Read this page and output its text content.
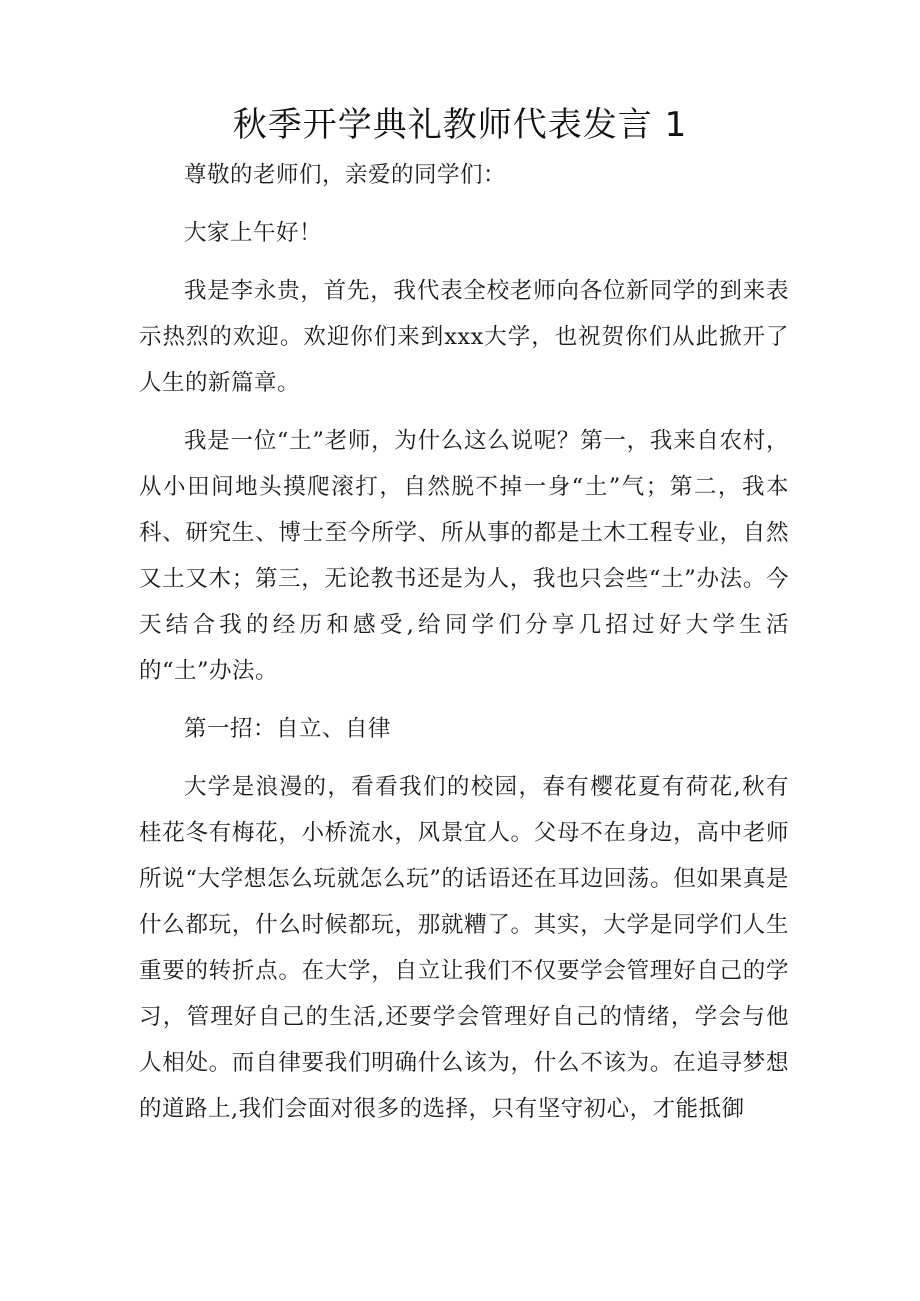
秋季开学典礼教师代表发言 1

尊敬的老师们，亲爱的同学们：

大家上午好！

我是李永贵，首先，我代表全校老师向各位新同学的到来表示热烈的欢迎。欢迎你们来到xxx大学，也祝贺你们从此掀开了人生的新篇章。

我是一位“土”老师，为什么这么说呢？第一，我来自农村，从小田间地头摸爬滚打，自然脱不掉一身“土”气；第二，我本科、研究生、博士至今所学、所从事的都是土木工程专业，自然又土又木；第三，无论教书还是为人，我也只会些“土”办法。今天结合我的经历和感受,给同学们分享几招过好大学生活的“土”办法。

第一招：自立、自律

大学是浪漫的，看看我们的校园，春有樱花夏有荷花,秋有桂花冬有梅花，小桥流水，风景宜人。父母不在身边，高中老师所说“大学想怎么玩就怎么玩”的话语还在耳边回荡。但如果真是什么都玩，什么时候都玩，那就糟了。其实，大学是同学们人生重要的转折点。在大学，自立让我们不仅要学会管理好自己的学习，管理好自己的生活,还要学会管理好自己的情绪，学会与他人相处。而自律要我们明确什么该为，什么不该为。在追寻梦想的道路上,我们会面对很多的选择，只有坚守初心，才能抵御
